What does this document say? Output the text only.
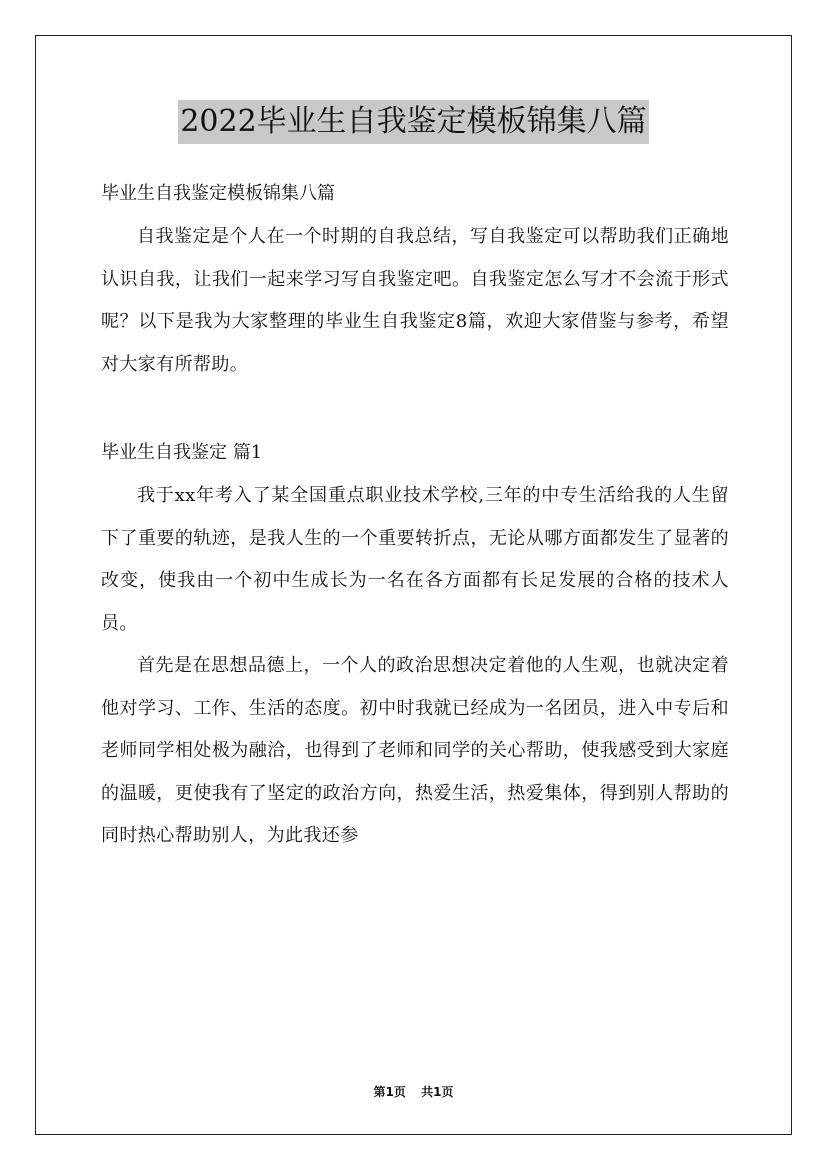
2022毕业生自我鉴定模板锦集八篇

毕业生自我鉴定模板锦集八篇

自我鉴定是个人在一个时期的自我总结，写自我鉴定可以帮助我们正确地认识自我，让我们一起来学习写自我鉴定吧。自我鉴定怎么写才不会流于形式呢？以下是我为大家整理的毕业生自我鉴定8篇，欢迎大家借鉴与参考，希望对大家有所帮助。

毕业生自我鉴定 篇1

我于xx年考入了某全国重点职业技术学校,三年的中专生活给我的人生留下了重要的轨迹，是我人生的一个重要转折点，无论从哪方面都发生了显著的改变，使我由一个初中生成长为一名在各方面都有长足发展的合格的技术人员。

首先是在思想品德上，一个人的政治思想决定着他的人生观，也就决定着他对学习、工作、生活的态度。初中时我就已经成为一名团员，进入中专后和老师同学相处极为融洽，也得到了老师和同学的关心帮助，使我感受到大家庭的温暖，更使我有了坚定的政治方向，热爱生活，热爱集体，得到别人帮助的同时热心帮助别人，为此我还参

第1页 共1页
